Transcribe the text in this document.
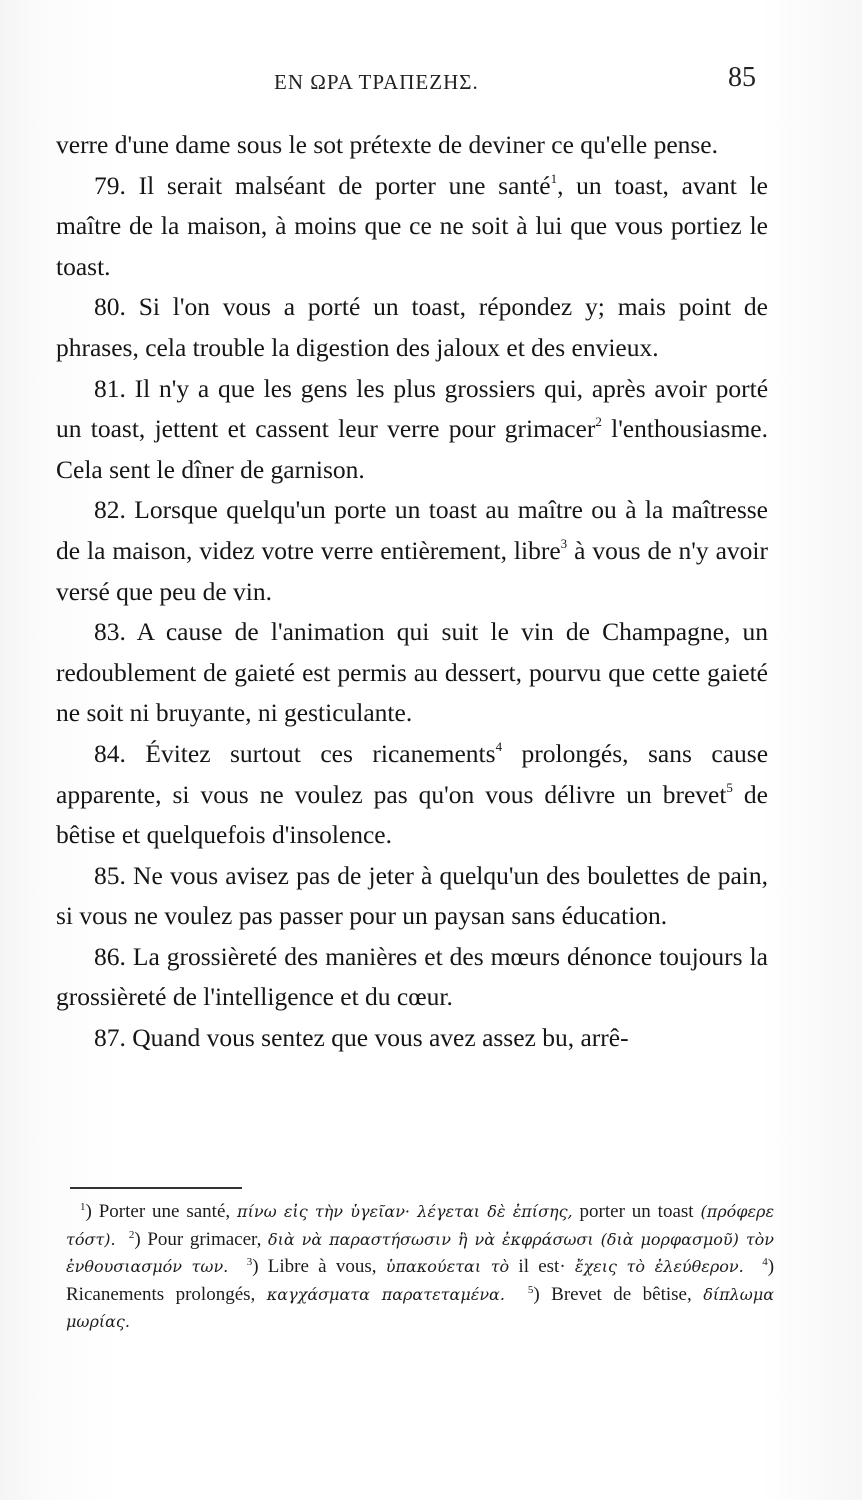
ΕΝ ΩΡΑ ΤΡΑΠΕΖΗΣ.	85

verre d'une dame sous le sot prétexte de deviner ce qu'elle pense.

79. Il serait malséant de porter une santé$^1$, un toast, avant le maître de la maison, à moins que ce ne soit à lui que vous portiez le toast.

80. Si l'on vous a porté un toast, répondez y; mais point de phrases, cela trouble la digestion des jaloux et des envieux.

81. Il n'y a que les gens les plus grossiers qui, après avoir porté un toast, jettent et cassent leur verre pour grimacer$^2$ l'enthousiasme. Cela sent le dîner de garnison.

82. Lorsque quelqu'un porte un toast au maître ou à la maîtresse de la maison, videz votre verre entièrement, libre$^3$ à vous de n'y avoir versé que peu de vin.

83. A cause de l'animation qui suit le vin de Champagne, un redoublement de gaieté est permis au dessert, pourvu que cette gaieté ne soit ni bruyante, ni gesticulante.

84. Évitez surtout ces ricanements$^4$ prolongés, sans cause apparente, si vous ne voulez pas qu'on vous délivre un brevet$^5$ de bêtise et quelquefois d'insolence.

85. Ne vous avisez pas de jeter à quelqu'un des boulettes de pain, si vous ne voulez pas passer pour un paysan sans éducation.

86. La grossièreté des manières et des mœurs dénonce toujours la grossièreté de l'intelligence et du cœur.

87. Quand vous sentez que vous avez assez bu, arrê-

$^1$) Porter une santé, πίνω εἰς τὴν ὑγεῖαν· λέγεται δὲ ἐπίσης, porter un toast (πρόφερε τόστ). $^2$) Pour grimacer, διὰ νὰ παραστήσωσιν ἢ νὰ ἐκφράσωσι (διὰ μορφασμοῦ) τὸν ἐνθουσιασμόν των. $^3$) Libre à vous, ὑπακούεται τὸ il est· ἔχεις τὸ ἐλεύθερον. $^4$) Ricanements prolongés, καγχάσματα παρατεταμένα. $^5$) Brevet de bêtise, δίπλωμα μωρίας.
